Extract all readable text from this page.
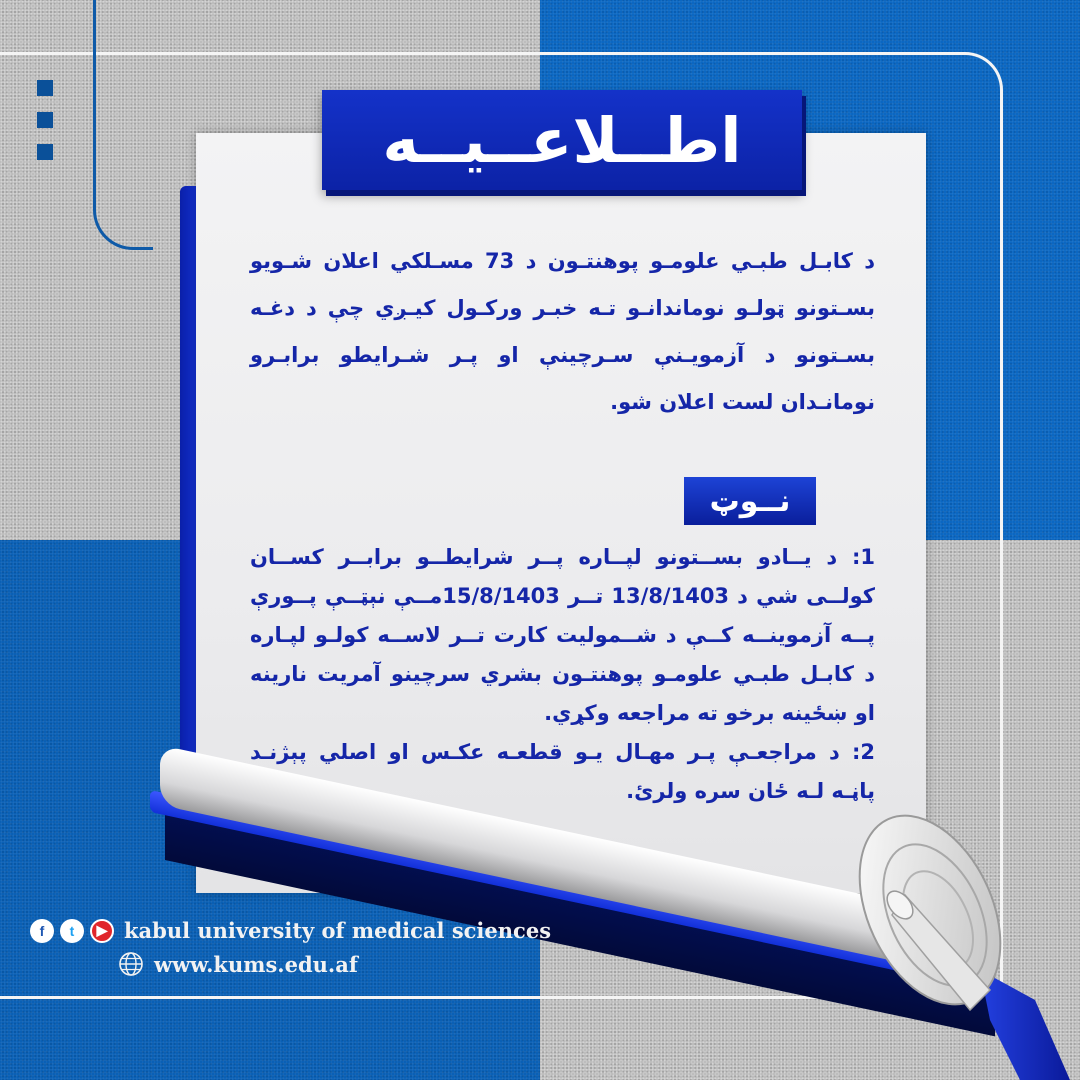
اطــلاعــيــه
د کابـل طبـي علومـو پوهنتـون د 73 مسـلکي اعلان شـويو بسـتونو ټولـو نوماندانـو تـه خبـر ورکـول کيـږي چې د دغـه بسـتونو د آزمويـنې سـرچينې او پـر شـرايطو برابـرو نومانـدان لست اعلان شو.
نــوټ
1: د يــادو بســتونو لپــاره پــر شرايطــو برابــر کســان کولــی شي د 13/8/1403 تــر 15/8/1403مــې نېټــې پــورې پــه آزموينــه کــې د شــموليت کارت تــر لاســه کولـو لپـاره د کابـل طبـي علومـو پوهنتـون بشري سرچينو آمريت نارينه او ښځينه برخو ته مراجعه وکړي.
2: د مراجعـې پـر مهـال يـو قطعـه عکـس او اصلي پېژنـد پاڼـه لـه ځان سره ولرئ.
f	t	▶ kabul university of medical sciences
www.kums.edu.af
